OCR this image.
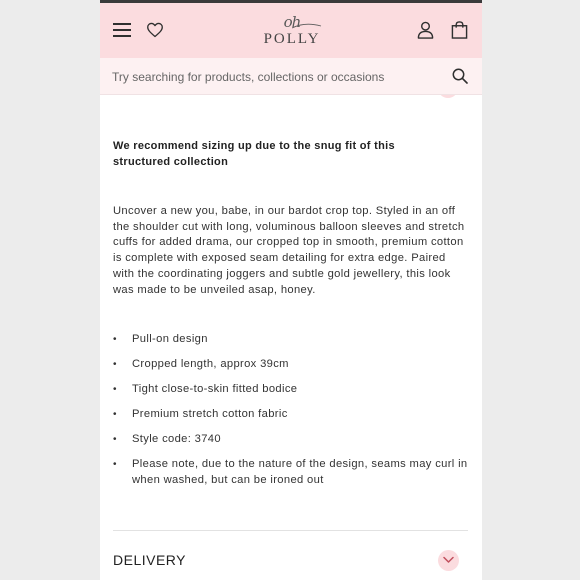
oh
POLLY
Try searching for products, collections or occasions
We recommend sizing up due to the snug fit of this structured collection
Uncover a new you, babe, in our bardot crop top. Styled in an off the shoulder cut with long, voluminous balloon sleeves and stretch cuffs for added drama, our cropped top in smooth, premium cotton is complete with exposed seam detailing for extra edge. Paired with the coordinating joggers and subtle gold jewellery, this look was made to be unveiled asap, honey.
• Pull-on design
• Cropped length, approx 39cm
• Tight close-to-skin fitted bodice
• Premium stretch cotton fabric
• Style code: 3740
• Please note, due to the nature of the design, seams may curl in when washed, but can be ironed out
DELIVERY
